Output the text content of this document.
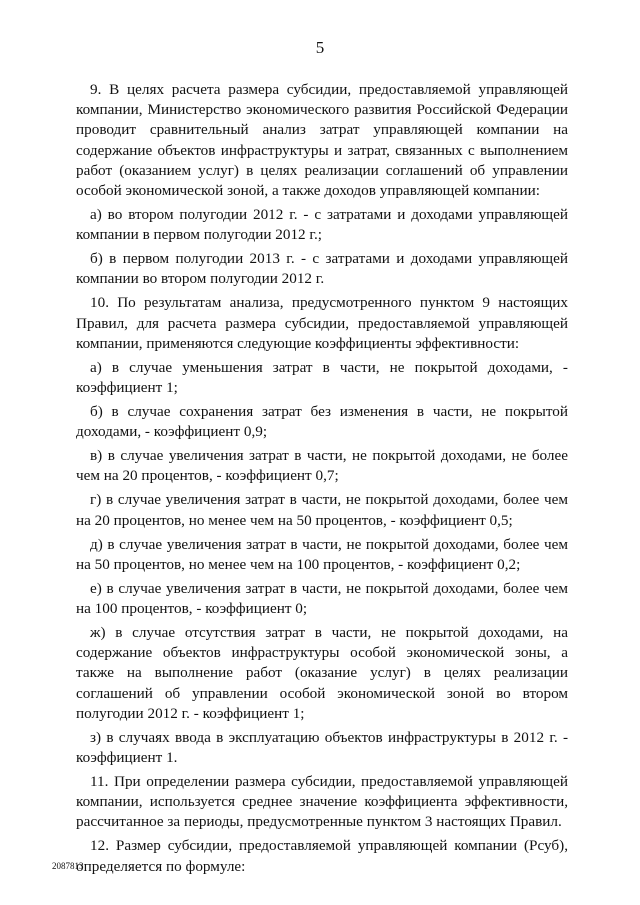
5

9. В целях расчета размера субсидии, предоставляемой управляющей компании, Министерство экономического развития Российской Федерации проводит сравнительный анализ затрат управляющей компании на содержание объектов инфраструктуры и затрат, связанных с выполнением работ (оказанием услуг) в целях реализации соглашений об управлении особой экономической зоной, а также доходов управляющей компании:

а) во втором полугодии 2012 г. - с затратами и доходами управляющей компании в первом полугодии 2012 г.;

б) в первом полугодии 2013 г. - с затратами и доходами управляющей компании во втором полугодии 2012 г.

10. По результатам анализа, предусмотренного пунктом 9 настоящих Правил, для расчета размера субсидии, предоставляемой управляющей компании, применяются следующие коэффициенты эффективности:

а) в случае уменьшения затрат в части, не покрытой доходами, - коэффициент 1;

б) в случае сохранения затрат без изменения в части, не покрытой доходами, - коэффициент 0,9;

в) в случае увеличения затрат в части, не покрытой доходами, не более чем на 20 процентов, - коэффициент 0,7;

г) в случае увеличения затрат в части, не покрытой доходами, более чем на 20 процентов, но менее чем на 50 процентов, - коэффициент 0,5;

д) в случае увеличения затрат в части, не покрытой доходами, более чем на 50 процентов, но менее чем на 100 процентов, - коэффициент 0,2;

е) в случае увеличения затрат в части, не покрытой доходами, более чем на 100 процентов, - коэффициент 0;

ж) в случае отсутствия затрат в части, не покрытой доходами, на содержание объектов инфраструктуры особой экономической зоны, а также на выполнение работ (оказание услуг) в целях реализации соглашений об управлении особой экономической зоной во втором полугодии 2012 г. - коэффициент 1;

з) в случаях ввода в эксплуатацию объектов инфраструктуры в 2012 г. - коэффициент 1.

11. При определении размера субсидии, предоставляемой управляющей компании, используется среднее значение коэффициента эффективности, рассчитанное за периоды, предусмотренные пунктом 3 настоящих Правил.

12. Размер субсидии, предоставляемой управляющей компании (Рсуб), определяется по формуле:

2087813
